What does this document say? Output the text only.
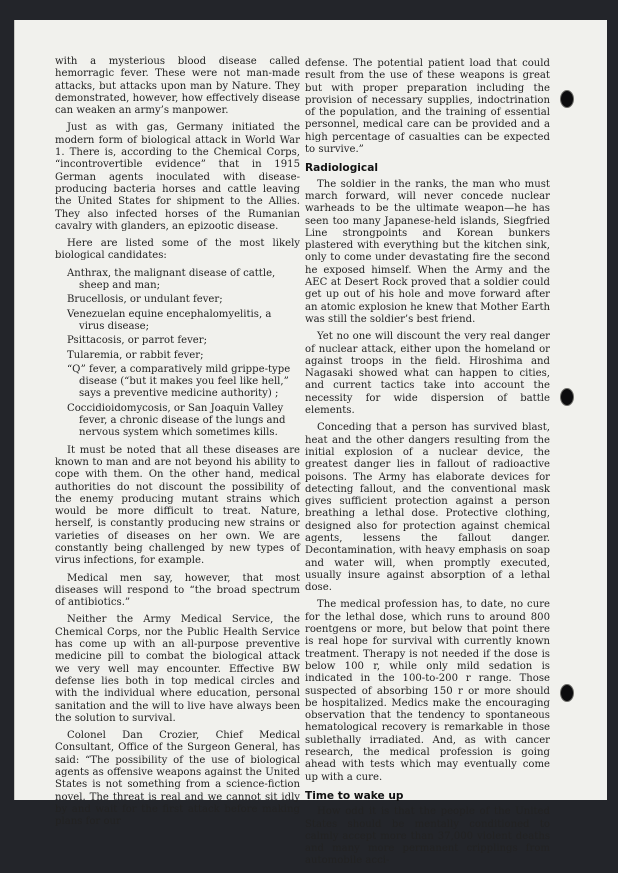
with a mysterious blood disease called hemorragic fever. These were not man-made attacks, but attacks upon man by Nature. They demonstrated, however, how effectively disease can weaken an army’s manpower.

Just as with gas, Germany initiated the modern form of biological attack in World War 1. There is, according to the Chemical Corps, “incontrovertible evidence” that in 1915 German agents inoculated with disease-producing bacteria horses and cattle leaving the United States for shipment to the Allies. They also infected horses of the Rumanian cavalry with glanders, an epizootic disease.

Here are listed some of the most likely biological candidates:

Anthrax, the malignant disease of cattle, sheep and man;
Brucellosis, or undulant fever;
Venezuelan equine encephalomyelitis, a virus disease;
Psittacosis, or parrot fever;
Tularemia, or rabbit fever;
“Q” fever, a comparatively mild grippe-type disease (“but it makes you feel like hell,” says a preventive medicine authority) ;
Coccidioidomycosis, or San Joaquin Valley fever, a chronic disease of the lungs and nervous system which sometimes kills.

It must be noted that all these diseases are known to man and are not beyond his ability to cope with them. On the other hand, medical authorities do not discount the possibility of the enemy producing mutant strains which would be more difficult to treat. Nature, herself, is constantly producing new strains or varieties of diseases on her own. We are constantly being challenged by new types of virus infections, for example.

Medical men say, however, that most diseases will respond to “the broad spectrum of antibiotics.”

Neither the Army Medical Service, the Chemical Corps, nor the Public Health Service has come up with an all-purpose preventive medicine pill to combat the biological attack we very well may encounter. Effective BW defense lies both in top medical circles and with the individual where education, personal sanitation and the will to live have always been the solution to survival.

Colonel Dan Crozier, Chief Medical Consultant, Office of the Surgeon General, has said: “The possibility of the use of biological agents as offensive weapons against the United States is not something from a science-fiction novel. The threat is real and we cannot sit idly by and wait for the first attack before making plans for our

defense. The potential patient load that could result from the use of these weapons is great but with proper preparation including the provision of necessary supplies, indoctrination of the population, and the training of essential personnel, medical care can be provided and a high percentage of casualties can be expected to survive.”

Radiological

The soldier in the ranks, the man who must march forward, will never concede nuclear warheads to be the ultimate weapon—he has seen too many Japanese-held islands, Siegfried Line strongpoints and Korean bunkers plastered with everything but the kitchen sink, only to come under devastating fire the second he exposed himself. When the Army and the AEC at Desert Rock proved that a soldier could get up out of his hole and move forward after an atomic explosion he knew that Mother Earth was still the soldier’s best friend.

Yet no one will discount the very real danger of nuclear attack, either upon the homeland or against troops in the field. Hiroshima and Nagasaki showed what can happen to cities, and current tactics take into account the necessity for wide dispersion of battle elements.

Conceding that a person has survived blast, heat and the other dangers resulting from the initial explosion of a nuclear device, the greatest danger lies in fallout of radioactive poisons. The Army has elaborate devices for detecting fallout, and the conventional mask gives sufficient protection against a person breathing a lethal dose. Protective clothing, designed also for protection against chemical agents, lessens the fallout danger. Decontamination, with heavy emphasis on soap and water will, when promptly executed, usually insure against absorption of a lethal dose.

The medical profession has, to date, no cure for the lethal dose, which runs to around 800 roentgens or more, but below that point there is real hope for survival with currently known treatment. Therapy is not needed if the dose is below 100 r, while only mild sedation is indicated in the 100-to-200 r range. Those suspected of absorbing 150 r or more should be hospitalized. Medics make the encouraging observation that the tendency to spontaneous hematological recovery is remarkable in those sublethally irradiated. And, as with cancer research, the medical profession is going ahead with tests which may eventually come up with a cure.

Time to wake up

How odd it is that the people of the United States should be mentally conditioned to calmly accept more than 37,000 violent deaths and many more permanent cripplings from automobile acci-
